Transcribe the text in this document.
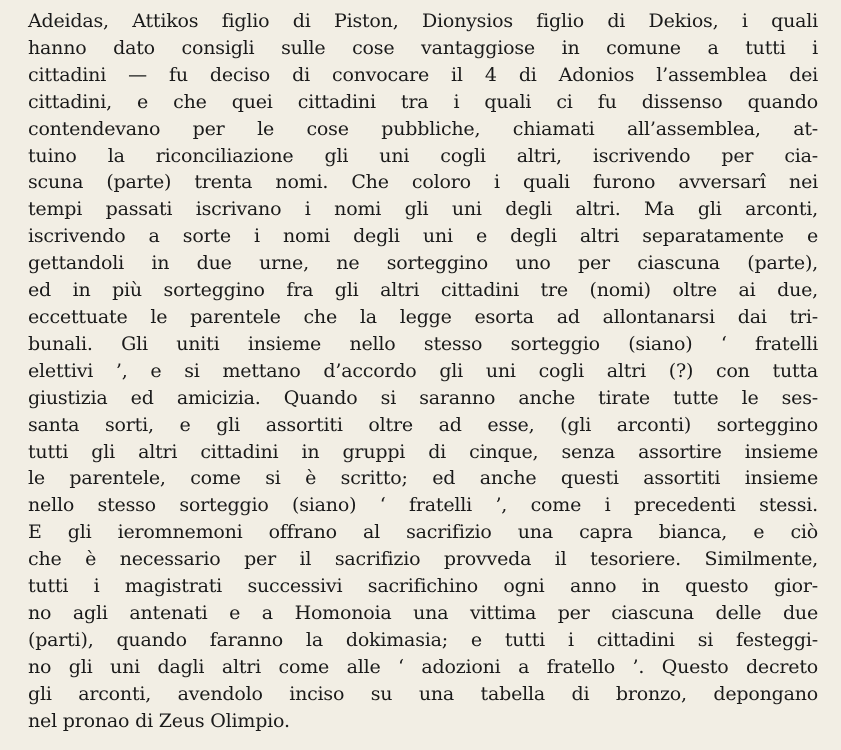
Adeidas, Attikos figlio di Piston, Dionysios figlio di Dekios, i quali
hanno dato consigli sulle cose vantaggiose in comune a tutti i
cittadini — fu deciso di convocare il 4 di Adonios l’assemblea dei
cittadini, e che quei cittadini tra i quali ci fu dissenso quando
contendevano per le cose pubbliche, chiamati all’assemblea, at-
tuino la riconciliazione gli uni cogli altri, iscrivendo per cia-
scuna (parte) trenta nomi. Che coloro i quali furono avversarî nei
tempi passati iscrivano i nomi gli uni degli altri. Ma gli arconti,
iscrivendo a sorte i nomi degli uni e degli altri separatamente e
gettandoli in due urne, ne sorteggino uno per ciascuna (parte),
ed in più sorteggino fra gli altri cittadini tre (nomi) oltre ai due,
eccettuate le parentele che la legge esorta ad allontanarsi dai tri-
bunali. Gli uniti insieme nello stesso sorteggio (siano) ‘ fratelli
elettivi ’, e si mettano d’accordo gli uni cogli altri (?) con tutta
giustizia ed amicizia. Quando si saranno anche tirate tutte le ses-
santa sorti, e gli assortiti oltre ad esse, (gli arconti) sorteggino
tutti gli altri cittadini in gruppi di cinque, senza assortire insieme
le parentele, come si è scritto; ed anche questi assortiti insieme
nello stesso sorteggio (siano) ‘ fratelli ’, come i precedenti stessi.
E gli ieromnemoni offrano al sacrifizio una capra bianca, e ciò
che è necessario per il sacrifizio provveda il tesoriere. Similmente,
tutti i magistrati successivi sacrifichino ogni anno in questo gior-
no agli antenati e a Homonoia una vittima per ciascuna delle due
(parti), quando faranno la dokimasia; e tutti i cittadini si festeggi-
no gli uni dagli altri come alle ‘ adozioni a fratello ’. Questo decreto
gli arconti, avendolo inciso su una tabella di bronzo, depongano
nel pronao di Zeus Olimpio.
